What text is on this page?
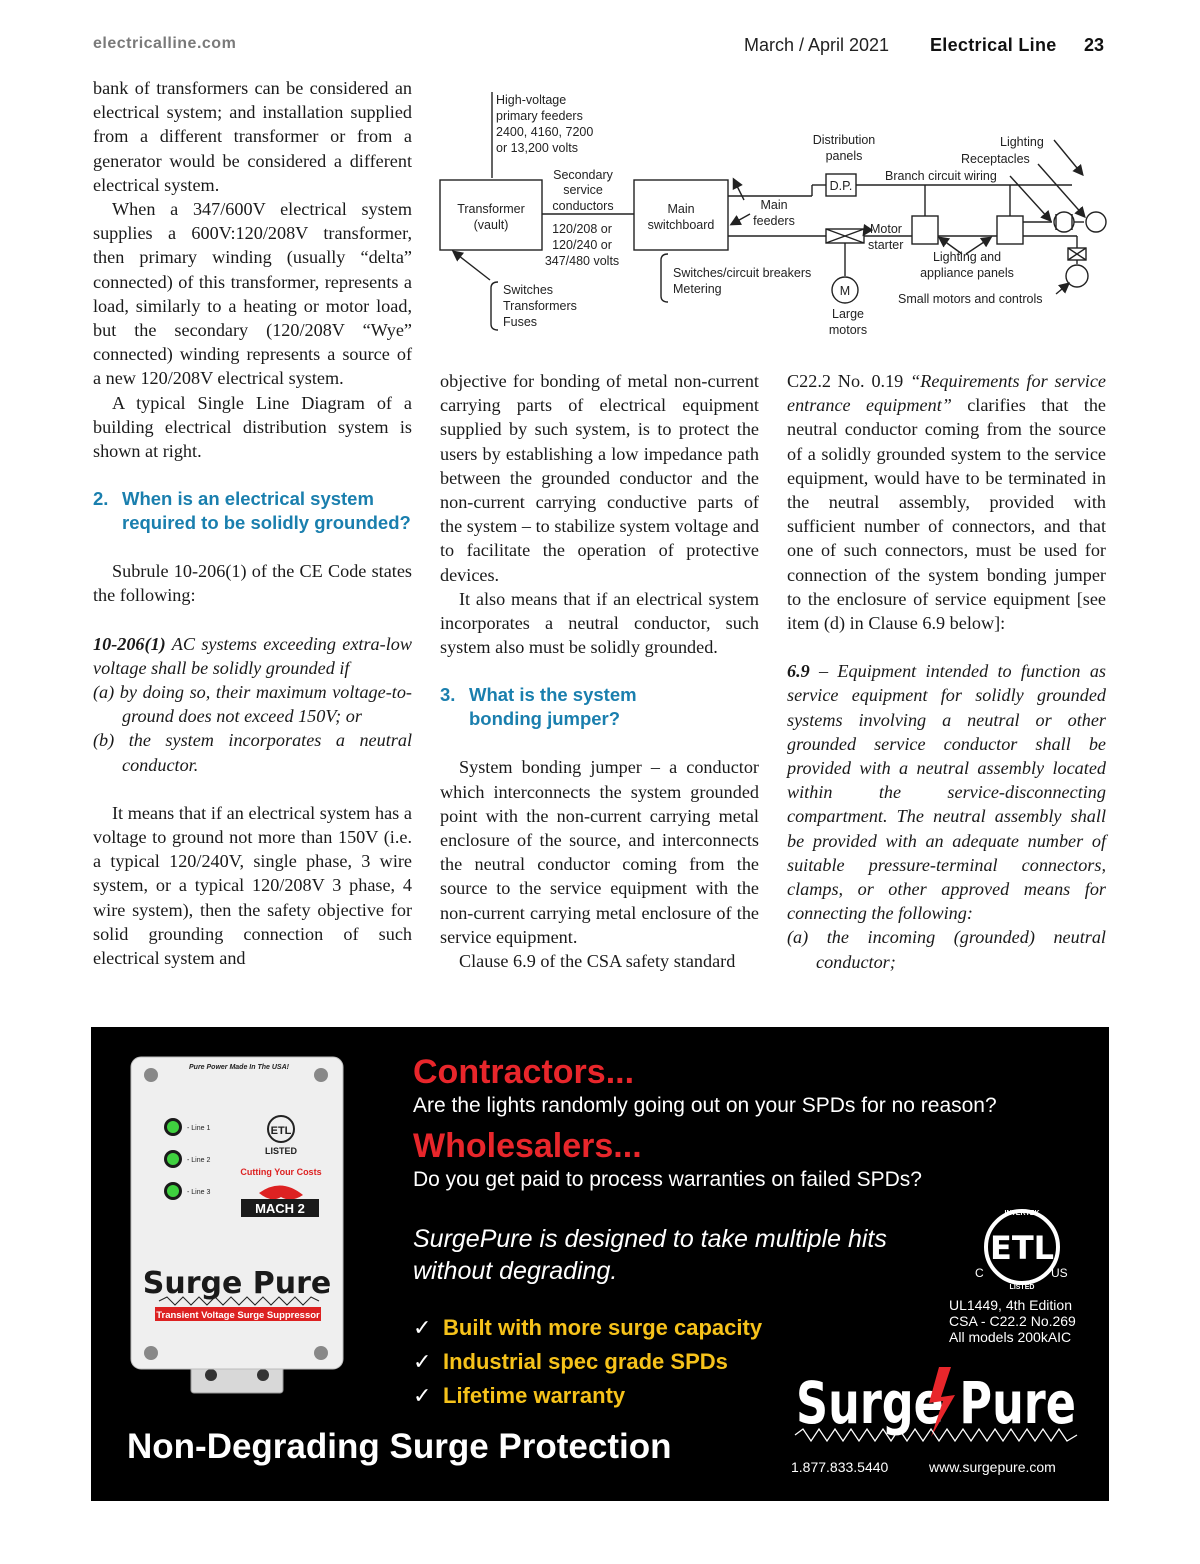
electricalline.com	March / April 2021 Electrical Line 23

bank of transformers can be considered an electrical system; and installation supplied from a different transformer or from a generator would be considered a different electrical system.

When a 347/600V electrical system supplies a 600V:120/208V transformer, then primary winding (usually “delta” connected) of this transformer, represents a load, similarly to a heating or motor load, but the secondary (120/208V “Wye” connected) winding represents a source of a new 120/208V electrical system.

A typical Single Line Diagram of a building electrical distribution system is shown at right.

2. When is an electrical system
required to be solidly grounded?

Subrule 10-206(1) of the CE Code states the following:

10-206(1) AC systems exceeding extra-low voltage shall be solidly grounded if

(a) by doing so, their maximum voltage-to-ground does not exceed 150V; or

(b) the system incorporates a neutral conductor.

It means that if an electrical system has a voltage to ground not more than 150V (i.e. a typical 120/240V, single phase, 3 wire system, or a typical 120/208V 3 phase, 4 wire system), then the safety objective for solid grounding connection of such electrical system and

High-voltage
primary feeders
2400, 4160, 7200
or 13,200 volts
Transformer
(vault)
Secondary
service
conductors
120/208 or
120/240 or
347/480 volts
Switches
Transformers
Fuses
Main
switchboard
Main
feeders
Switches/circuit breakers
Metering
Distribution
panels
D.P.
Motor
starter
M
Large
motors
Lighting
Receptacles
Branch circuit wiring
Lighting and
appliance panels
Small motors and controls

objective for bonding of metal non-current carrying parts of electrical equipment supplied by such system, is to protect the users by establishing a low impedance path between the grounded conductor and the non-current carrying conductive parts of the system – to stabilize system voltage and to facilitate the operation of protective devices.

It also means that if an electrical system incorporates a neutral conductor, such system also must be solidly grounded.

3. What is the system
bonding jumper?

System bonding jumper – a conductor which interconnects the system grounded point with the non-current carrying metal enclosure of the source, and interconnects the neutral conductor coming from the source to the service equipment with the non-current carrying metal enclosure of the service equipment.

Clause 6.9 of the CSA safety standard

C22.2 No. 0.19 “Requirements for service entrance equipment” clarifies that the neutral conductor coming from the source of a solidly grounded system to the service equipment, would have to be terminated in the neutral assembly, provided with sufficient number of connectors, and that one of such connectors, must be used for connection of the system bonding jumper to the enclosure of service equipment [see item (d) in Clause 6.9 below]:

6.9 – Equipment intended to function as service equipment for solidly grounded systems involving a neutral or other grounded service conductor shall be provided with a neutral assembly located within the service-disconnecting compartment. The neutral assembly shall be provided with an adequate number of suitable pressure-terminal connectors, clamps, or other approved means for connecting the following:

(a) the incoming (grounded) neutral conductor;

Pure Power Made In The USA!
- Line 1
- Line 2
- Line 3
ETL
LISTED
Cutting Your Costs
MACH 2
Surge Pure
Transient Voltage Surge Suppressor
Contractors...
Are the lights randomly going out on your SPDs for no reason?
Wholesalers...
Do you get paid to process warranties on failed SPDs?
SurgePure is designed to take multiple hits without degrading.
✓ Built with more surge capacity
✓ Industrial spec grade SPDs
✓ Lifetime warranty
Non-Degrading Surge Protection
INTERTEK
ETL
C	US
LISTED
UL1449, 4th Edition
CSA - C22.2 No.269
All models 200kAIC
Surge Pure
1.877.833.5440	www.surgepure.com
